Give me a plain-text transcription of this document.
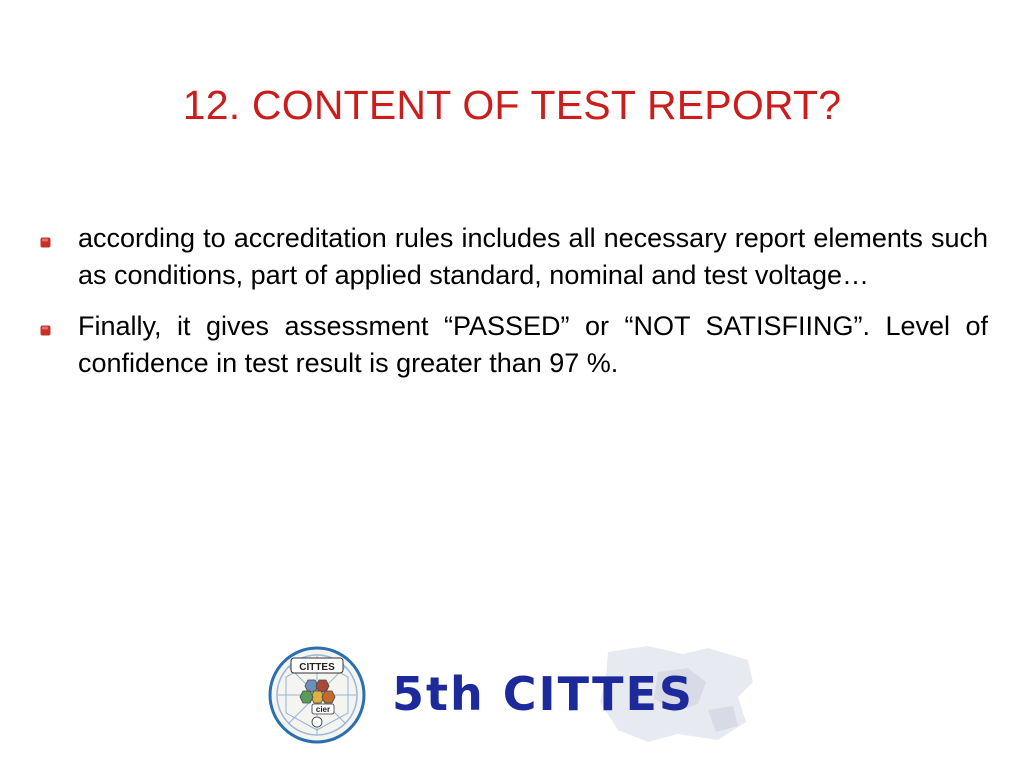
12. CONTENT OF TEST REPORT?
according to accreditation rules includes all necessary report elements such as conditions, part of applied standard, nominal and test voltage…
Finally, it gives assessment “PASSED” or “NOT SATISFIING”. Level of confidence in test result is greater than 97 %.
CITTES
cier 5th CITTES
